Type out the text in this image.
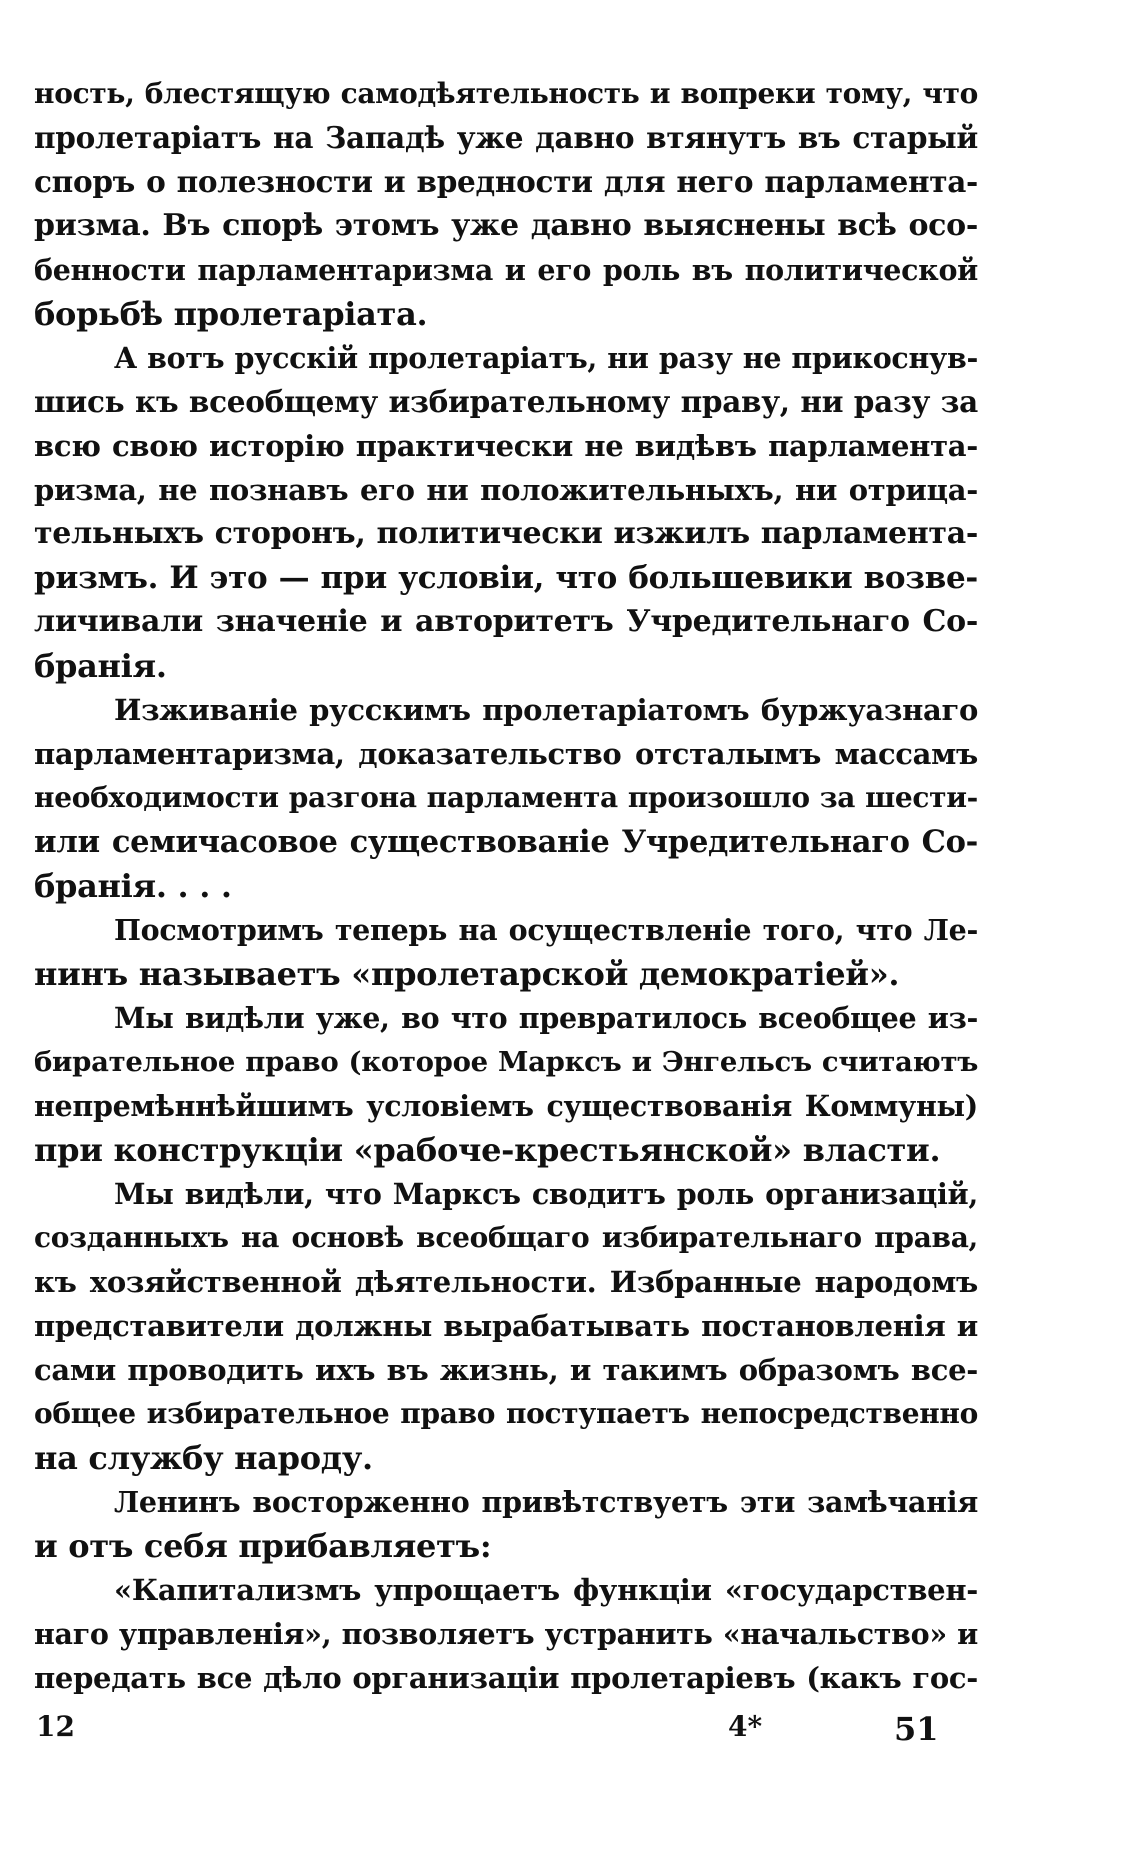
ность, блестящую самодѣятельность и вопреки тому, что
пролетаріатъ на Западѣ уже давно втянутъ въ старый
споръ о полезности и вредности для него парламента-
ризма. Въ спорѣ этомъ уже давно выяснены всѣ осо-
бенности парламентаризма и его роль въ политической
борьбѣ пролетаріата.
А вотъ русскій пролетаріатъ, ни разу не прикоснув-
шись къ всеобщему избирательному праву, ни разу за
всю свою исторію практически не видѣвъ парламента-
ризма, не познавъ его ни положительныхъ, ни отрица-
тельныхъ сторонъ, политически изжилъ парламента-
ризмъ. И это — при условіи, что большевики возве-
личивали значеніе и авторитетъ Учредительнаго Со-
бранія.
Изживаніе русскимъ пролетаріатомъ буржуазнаго
парламентаризма, доказательство отсталымъ массамъ
необходимости разгона парламента произошло за шести-
или семичасовое существованіе Учредительнаго Со-
бранія. . . .
Посмотримъ теперь на осуществленіе того, что Ле-
нинъ называетъ «пролетарской демократіей».
Мы видѣли уже, во что превратилось всеобщее из-
бирательное право (которое Марксъ и Энгельсъ считаютъ
непремѣннѣйшимъ условіемъ существованія Коммуны)
при конструкціи «рабоче-крестьянской» власти.
Мы видѣли, что Марксъ сводитъ роль организацій,
созданныхъ на основѣ всеобщаго избирательнаго права,
къ хозяйственной дѣятельности. Избранные народомъ
представители должны вырабатывать постановленія и
сами проводить ихъ въ жизнь, и такимъ образомъ все-
общее избирательное право поступаетъ непосредственно
на службу народу.
Ленинъ восторженно привѣтствуетъ эти замѣчанія
и отъ себя прибавляетъ:
«Капитализмъ упрощаетъ функціи «государствен-
наго управленія», позволяетъ устранить «начальство» и
передать все дѣло организаціи пролетаріевъ (какъ гос-
12	4*	51
